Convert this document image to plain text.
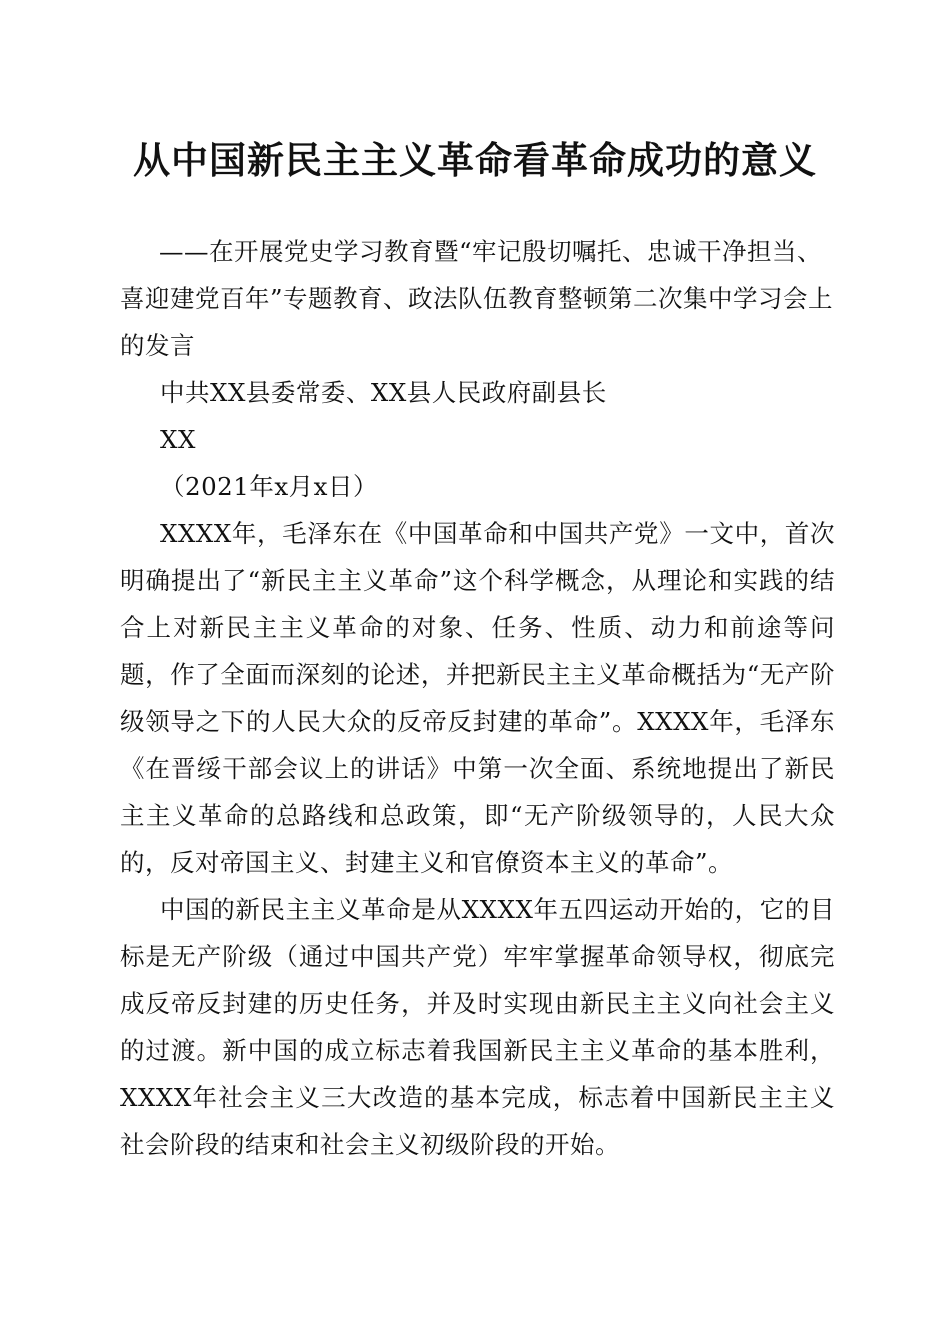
从中国新民主主义革命看革命成功的意义

——在开展党史学习教育暨“牢记殷切嘱托、忠诚干净担当、喜迎建党百年”专题教育、政法队伍教育整顿第二次集中学习会上的发言

中共XX县委常委、XX县人民政府副县长

XX

（2021年x月x日）

XXXX年，毛泽东在《中国革命和中国共产党》一文中，首次明确提出了“新民主主义革命”这个科学概念，从理论和实践的结合上对新民主主义革命的对象、任务、性质、动力和前途等问题，作了全面而深刻的论述，并把新民主主义革命概括为“无产阶级领导之下的人民大众的反帝反封建的革命”。XXXX年，毛泽东《在晋绥干部会议上的讲话》中第一次全面、系统地提出了新民主主义革命的总路线和总政策，即“无产阶级领导的，人民大众的，反对帝国主义、封建主义和官僚资本主义的革命”。

中国的新民主主义革命是从XXXX年五四运动开始的，它的目标是无产阶级（通过中国共产党）牢牢掌握革命领导权，彻底完成反帝反封建的历史任务，并及时实现由新民主主义向社会主义的过渡。新中国的成立标志着我国新民主主义革命的基本胜利，XXXX年社会主义三大改造的基本完成，标志着中国新民主主义社会阶段的结束和社会主义初级阶段的开始。
